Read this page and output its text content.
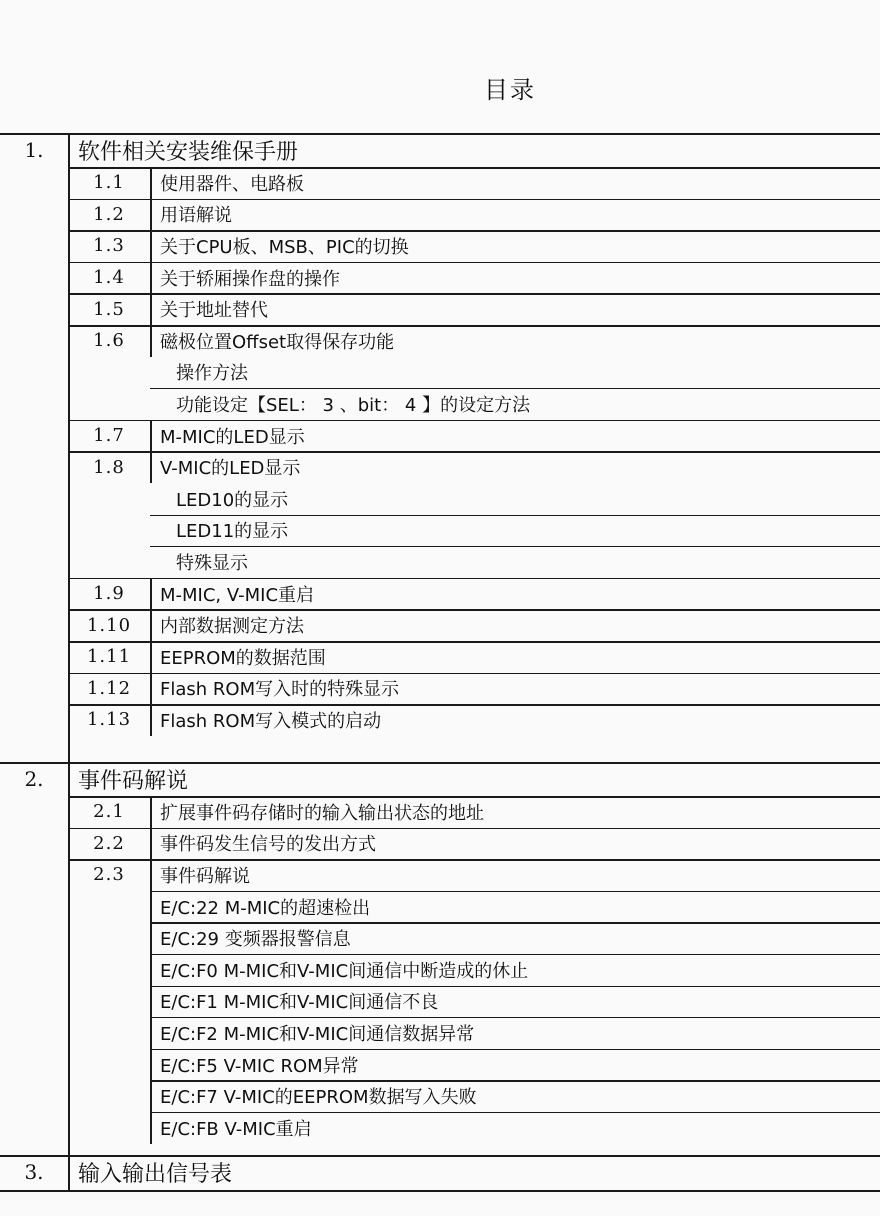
目录
1.	软件相关安装维保手册
1.1	使用器件、电路板
1.2	用语解说
1.3	关于CPU板、MSB、PIC的切换
1.4	关于轿厢操作盘的操作
1.5	关于地址替代
1.6	磁极位置Offset取得保存功能
操作方法
功能设定【SEL： 3 、bit： 4 】的设定方法
1.7	M-MIC的LED显示
1.8	V-MIC的LED显示
LED10的显示
LED11的显示
特殊显示
1.9	M-MIC, V-MIC重启
1.10	内部数据测定方法
1.11	EEPROM的数据范围
1.12	Flash ROM写入时的特殊显示
1.13	Flash ROM写入模式的启动
2.	事件码解说
2.1	扩展事件码存储时的输入输出状态的地址
2.2	事件码发生信号的发出方式
2.3	事件码解说
E/C:22 M-MIC的超速检出
E/C:29 变频器报警信息
E/C:F0 M-MIC和V-MIC间通信中断造成的休止
E/C:F1 M-MIC和V-MIC间通信不良
E/C:F2 M-MIC和V-MIC间通信数据异常
E/C:F5 V-MIC ROM异常
E/C:F7 V-MIC的EEPROM数据写入失败
E/C:FB V-MIC重启
3.	输入输出信号表
